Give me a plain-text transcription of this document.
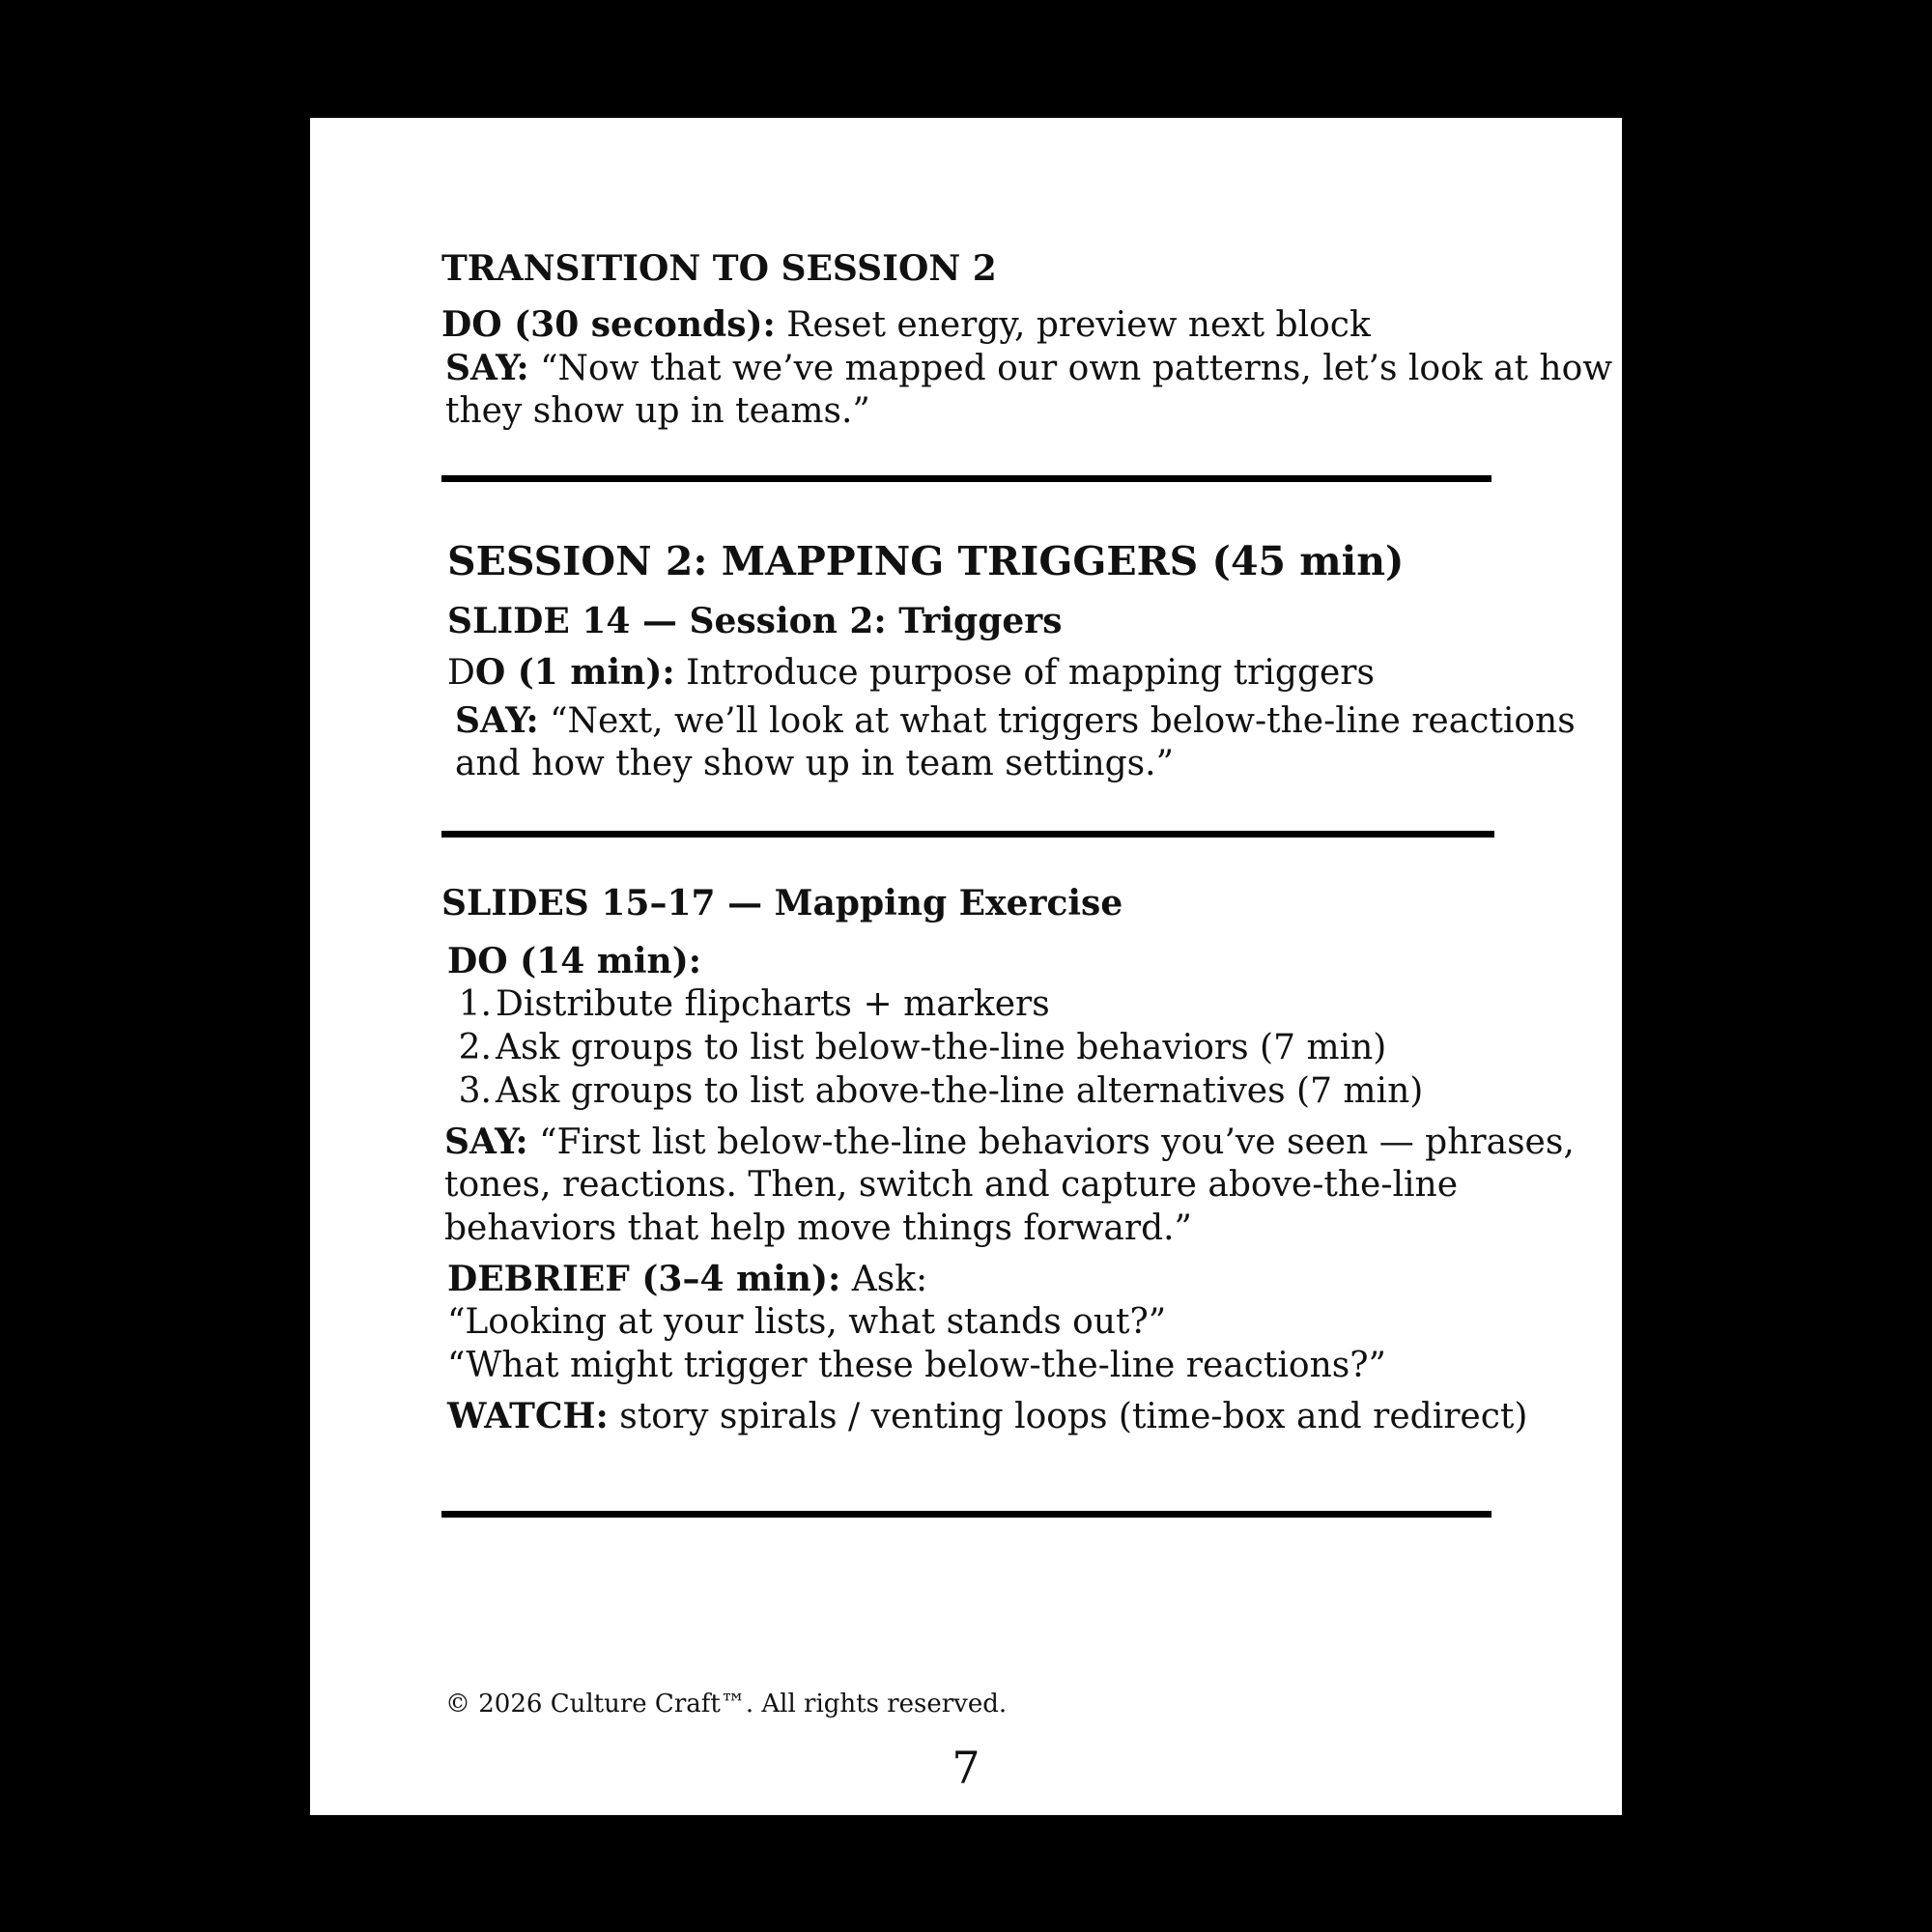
TRANSITION TO SESSION 2
DO (30 seconds): Reset energy, preview next block
SAY: “Now that we’ve mapped our own patterns, let’s look at how
they show up in teams.”
SESSION 2: MAPPING TRIGGERS (45 min)
SLIDE 14 — Session 2: Triggers
DO (1 min): Introduce purpose of mapping triggers
SAY: “Next, we’ll look at what triggers below-the-line reactions
and how they show up in team settings.”
SLIDES 15–17 — Mapping Exercise
DO (14 min):
1. Distribute flipcharts + markers
2. Ask groups to list below-the-line behaviors (7 min)
3. Ask groups to list above-the-line alternatives (7 min)
SAY: “First list below-the-line behaviors you’ve seen — phrases,
tones, reactions. Then, switch and capture above-the-line
behaviors that help move things forward.”
DEBRIEF (3–4 min): Ask:
“Looking at your lists, what stands out?”
“What might trigger these below-the-line reactions?”
WATCH: story spirals / venting loops (time-box and redirect)
© 2026 Culture Craft™. All rights reserved.
7
